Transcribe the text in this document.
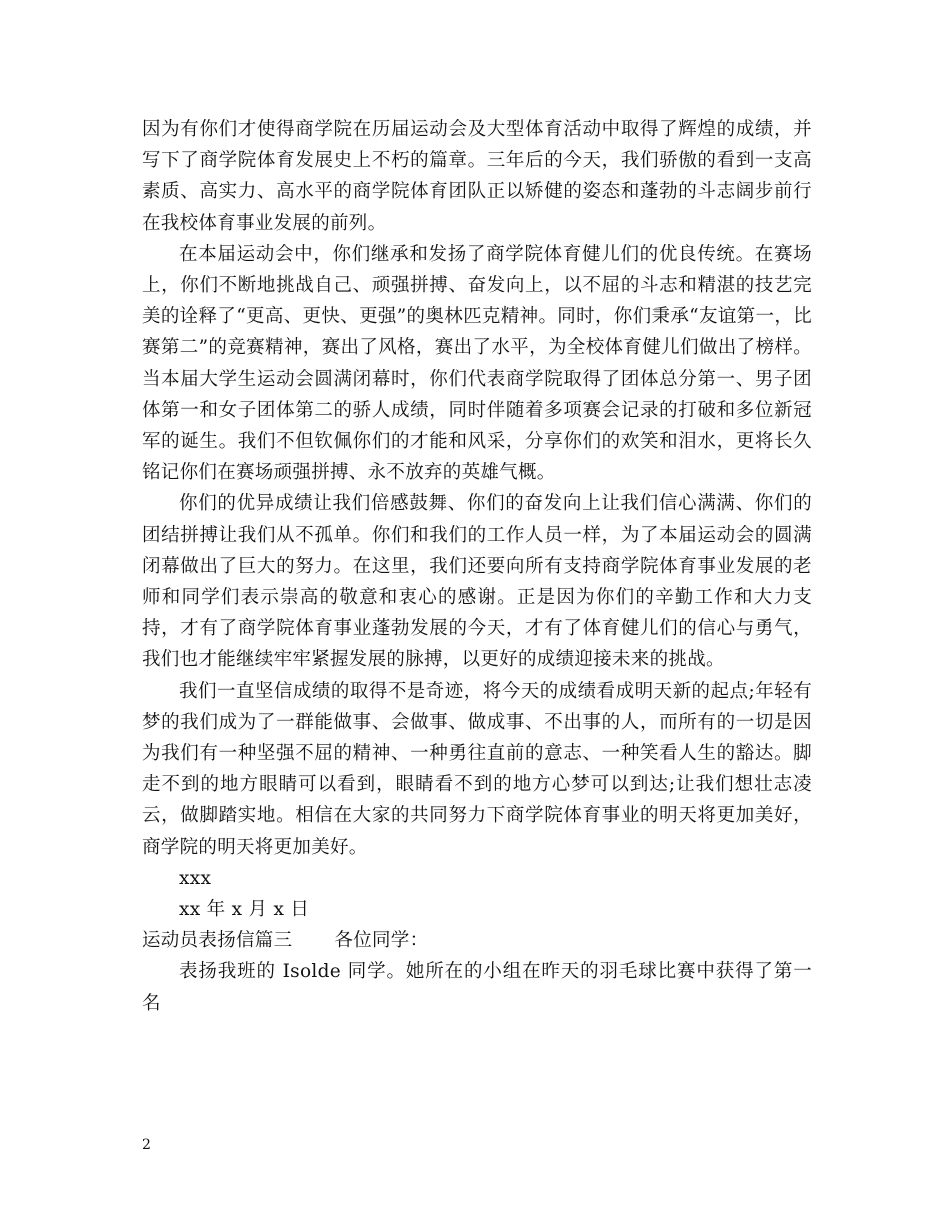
因为有你们才使得商学院在历届运动会及大型体育活动中取得了辉煌的成绩，并写下了商学院体育发展史上不朽的篇章。三年后的今天，我们骄傲的看到一支高素质、高实力、高水平的商学院体育团队正以矫健的姿态和蓬勃的斗志阔步前行在我校体育事业发展的前列。

在本届运动会中，你们继承和发扬了商学院体育健儿们的优良传统。在赛场上，你们不断地挑战自己、顽强拼搏、奋发向上，以不屈的斗志和精湛的技艺完美的诠释了“更高、更快、更强”的奥林匹克精神。同时，你们秉承“友谊第一，比赛第二”的竞赛精神，赛出了风格，赛出了水平，为全校体育健儿们做出了榜样。当本届大学生运动会圆满闭幕时，你们代表商学院取得了团体总分第一、男子团体第一和女子团体第二的骄人成绩，同时伴随着多项赛会记录的打破和多位新冠军的诞生。我们不但钦佩你们的才能和风采，分享你们的欢笑和泪水，更将长久铭记你们在赛场顽强拼搏、永不放弃的英雄气概。

你们的优异成绩让我们倍感鼓舞、你们的奋发向上让我们信心满满、你们的团结拼搏让我们从不孤单。你们和我们的工作人员一样，为了本届运动会的圆满闭幕做出了巨大的努力。在这里，我们还要向所有支持商学院体育事业发展的老师和同学们表示崇高的敬意和衷心的感谢。正是因为你们的辛勤工作和大力支持，才有了商学院体育事业蓬勃发展的今天，才有了体育健儿们的信心与勇气，我们也才能继续牢牢紧握发展的脉搏，以更好的成绩迎接未来的挑战。

我们一直坚信成绩的取得不是奇迹，将今天的成绩看成明天新的起点;年轻有梦的我们成为了一群能做事、会做事、做成事、不出事的人，而所有的一切是因为我们有一种坚强不屈的精神、一种勇往直前的意志、一种笑看人生的豁达。脚走不到的地方眼睛可以看到，眼睛看不到的地方心梦可以到达;让我们想壮志凌云，做脚踏实地。相信在大家的共同努力下商学院体育事业的明天将更加美好，商学院的明天将更加美好。

xxx

xx 年 x 月 x 日

运动员表扬信篇三 各位同学：

表扬我班的 Isolde 同学。她所在的小组在昨天的羽毛球比赛中获得了第一名

2
